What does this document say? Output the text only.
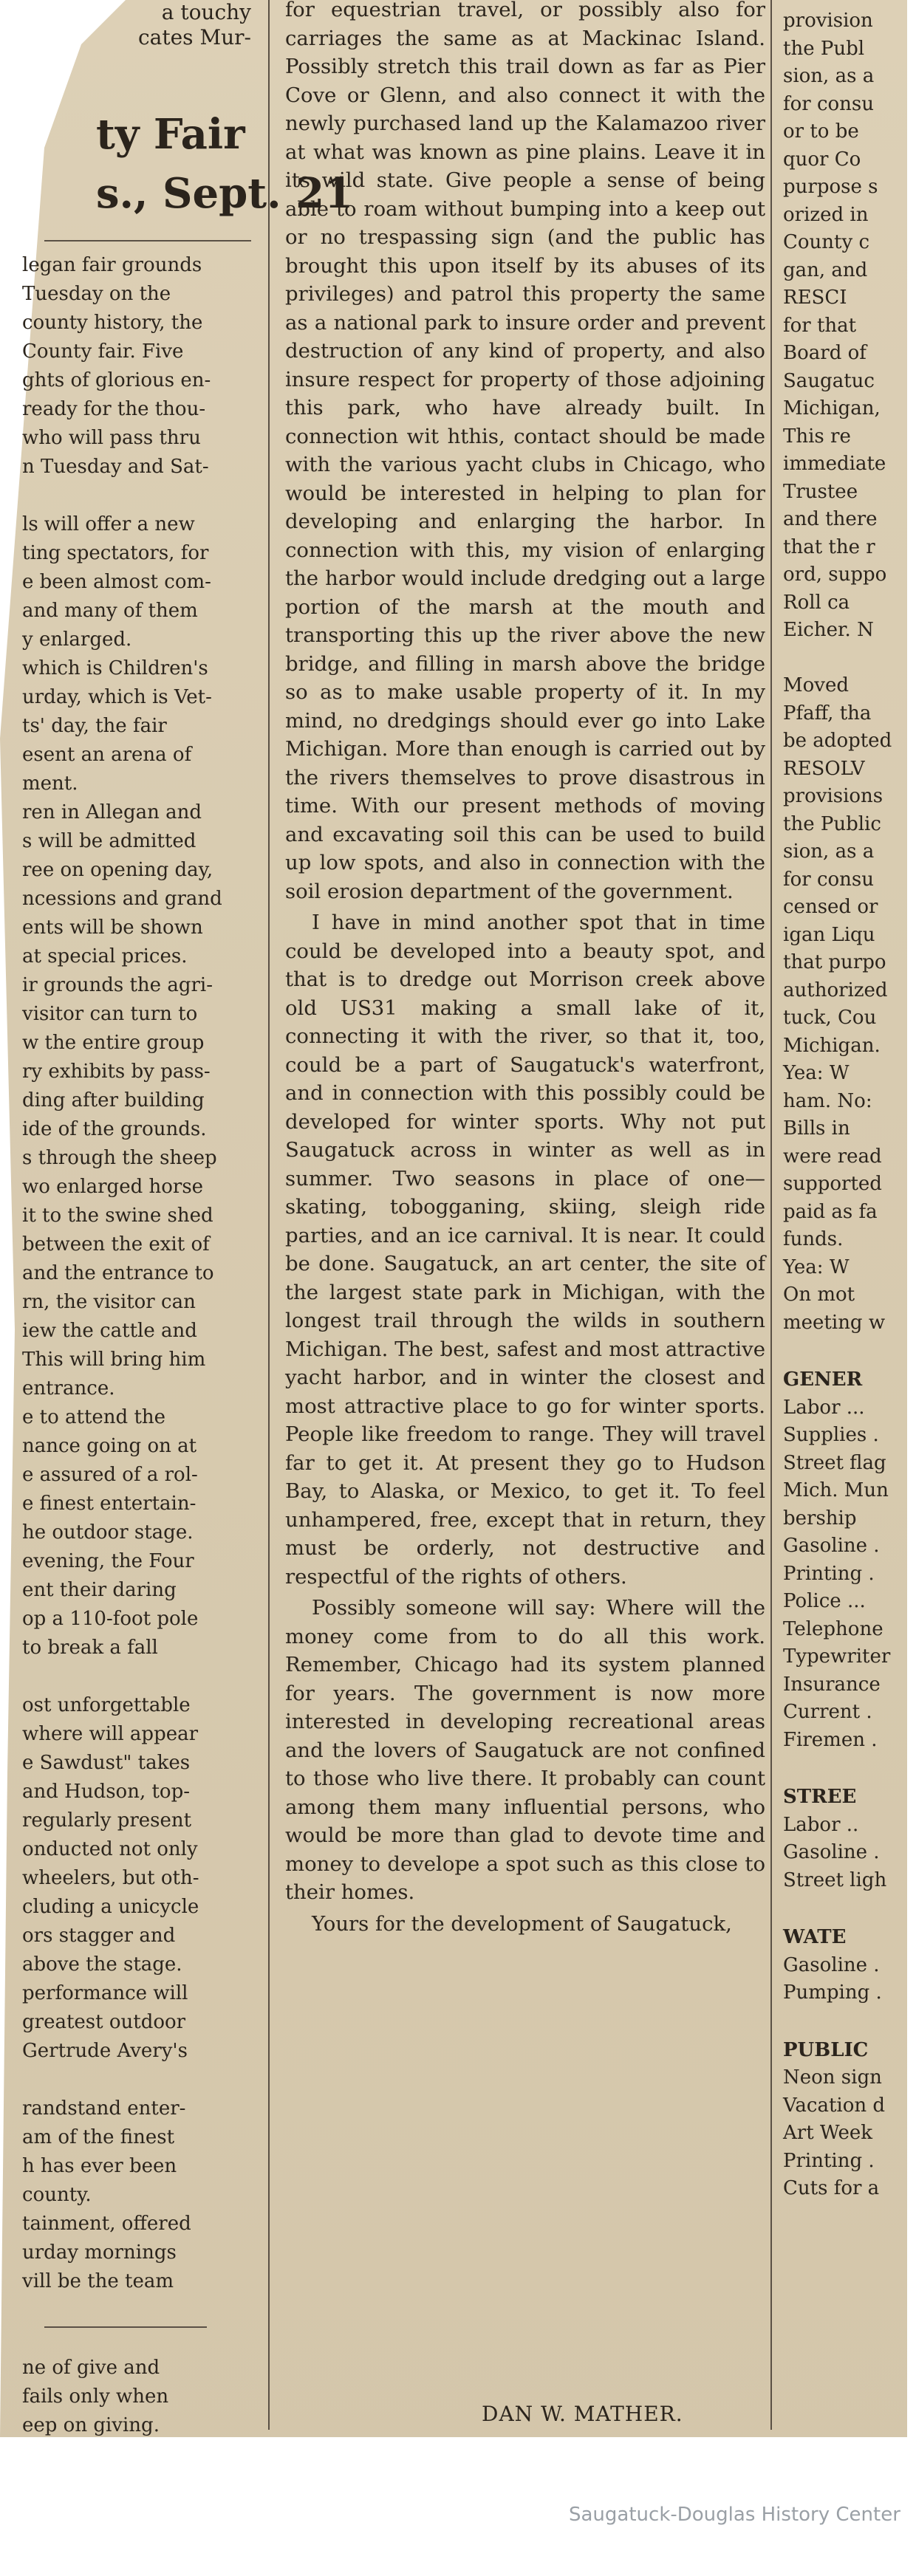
a touchy
cates Mur-
ty Fair
s., Sept. 21

legan fair grounds

Tuesday on the

county history, the

County fair. Five

ghts of glorious en-

ready for the thou-

who will pass thru

n Tuesday and Sat-

ls will offer a new

ting spectators, for

e been almost com-

and many of them

y enlarged.

which is Children's

urday, which is Vet-

ts' day, the fair

esent an arena of

ment.

ren in Allegan and

s will be admitted

ree on opening day,

ncessions and grand

ents will be shown

at special prices.

ir grounds the agri-

visitor can turn to

w the entire group

ry exhibits by pass-

ding after building

ide of the grounds.

s through the sheep

wo enlarged horse

it to the swine shed

between the exit of

and the entrance to

rn, the visitor can

iew the cattle and

This will bring him

entrance.

e to attend the

nance going on at

e assured of a rol-

e finest entertain-

he outdoor stage.

evening, the Four

ent their daring

op a 110-foot pole

to break a fall

ost unforgettable

where will appear

e Sawdust" takes

and Hudson, top-

regularly present

onducted not only

wheelers, but oth-

cluding a unicycle

ors stagger and

above the stage.

performance will

greatest outdoor

Gertrude Avery's

randstand enter-

am of the finest

h has ever been

county.

tainment, offered

urday mornings

vill be the team

ne of give and

fails only when

eep on giving.

for equestrian travel, or possibly also for carriages the same as at Mackinac Island. Possibly stretch this trail down as far as Pier Cove or Glenn, and also connect it with the newly purchased land up the Kalamazoo river at what was known as pine plains. Leave it in its wild state. Give people a sense of being able to roam without bumping into a keep out or no trespassing sign (and the public has brought this upon itself by its abuses of its privileges) and patrol this property the same as a national park to insure order and prevent destruction of any kind of property, and also insure respect for property of those adjoining this park, who have already built. In connection wit hthis, contact should be made with the various yacht clubs in Chicago, who would be interested in helping to plan for developing and enlarging the harbor. In connection with this, my vision of enlarging the harbor would include dredging out a large portion of the marsh at the mouth and transporting this up the river above the new bridge, and filling in marsh above the bridge so as to make usable property of it. In my mind, no dredgings should ever go into Lake Michigan. More than enough is carried out by the rivers themselves to prove disastrous in time. With our present methods of moving and excavating soil this can be used to build up low spots, and also in connection with the soil erosion department of the government.

I have in mind another spot that in time could be developed into a beauty spot, and that is to dredge out Morrison creek above old US31 making a small lake of it, connecting it with the river, so that it, too, could be a part of Saugatuck's waterfront, and in connection with this possibly could be developed for winter sports. Why not put Saugatuck across in winter as well as in summer. Two seasons in place of one—skating, tobogganing, skiing, sleigh ride parties, and an ice carnival. It is near. It could be done. Saugatuck, an art center, the site of the largest state park in Michigan, with the longest trail through the wilds in southern Michigan. The best, safest and most attractive yacht harbor, and in winter the closest and most attractive place to go for winter sports. People like freedom to range. They will travel far to get it. At present they go to Hudson Bay, to Alaska, or Mexico, to get it. To feel unhampered, free, except that in return, they must be orderly, not destructive and respectful of the rights of others.

Possibly someone will say: Where will the money come from to do all this work. Remember, Chicago had its system planned for years. The government is now more interested in developing recreational areas and the lovers of Saugatuck are not confined to those who live there. It probably can count among them many influential persons, who would be more than glad to devote time and money to develope a spot such as this close to their homes.

Yours for the development of Saugatuck,

DAN W. MATHER.
provision
the Publ
sion, as a
for consu
or to be
quor Co
purpose s
orized in
County c
gan, and
RESCI
for that
Board of
Saugatuc
Michigan,
This re
immediate
Trustee
and there
that the r
ord, suppo
Roll ca
Eicher. N

Moved
Pfaff, tha
be adopted
RESOLV
provisions
the Public
sion, as a
for consu
censed or
igan Liqu
that purpo
authorized
tuck, Cou
Michigan.
Yea: W
ham. No:
Bills in
were read
supported
paid as fa
funds.
Yea: W
On mot
meeting w
GENER
Labor ...
Supplies .
Street flag
Mich. Mun
bership
Gasoline .
Printing .
Police ...
Telephone
Typewriter
Insurance
Current .
Firemen .
STREE
Labor ..
Gasoline .
Street ligh
WATE
Gasoline .
Pumping .
PUBLIC
Neon sign
Vacation d
Art Week
Printing .
Cuts for a
Saugatuck-Douglas History Center
